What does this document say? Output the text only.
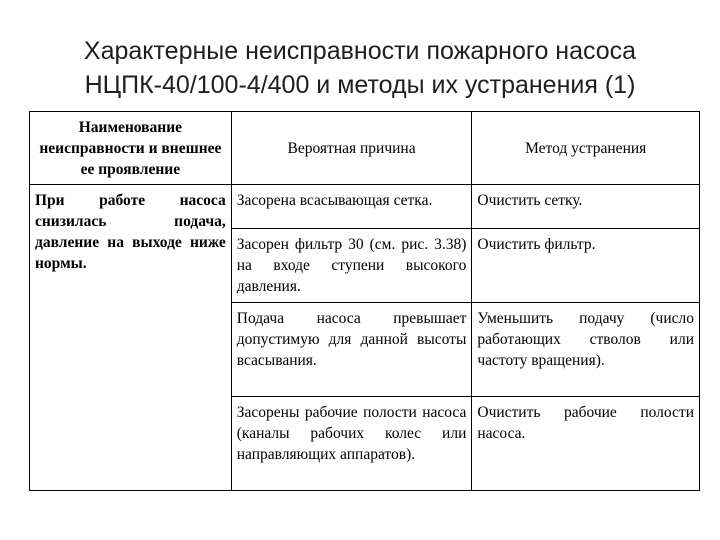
Характерные неисправности пожарного насоса
НЦПК-40/100-4/400 и методы их устранения (1)
Наименование неисправности и внешнее ее проявление	Вероятная причина	Метод устранения
При работе насоса снизилась подача, давление на выходе ниже нормы.	Засорена всасывающая сетка.	Очистить сетку.
	Засорен фильтр 30 (см. рис. 3.38) на входе ступени высокого давления.	Очистить фильтр.
	Подача насоса превышает допустимую для данной высоты всасывания.	Уменьшить подачу (число работающих стволов или частоту вращения).
	Засорены рабочие полости насоса (каналы рабочих колес или направляющих аппаратов).	Очистить рабочие полости насоса.
